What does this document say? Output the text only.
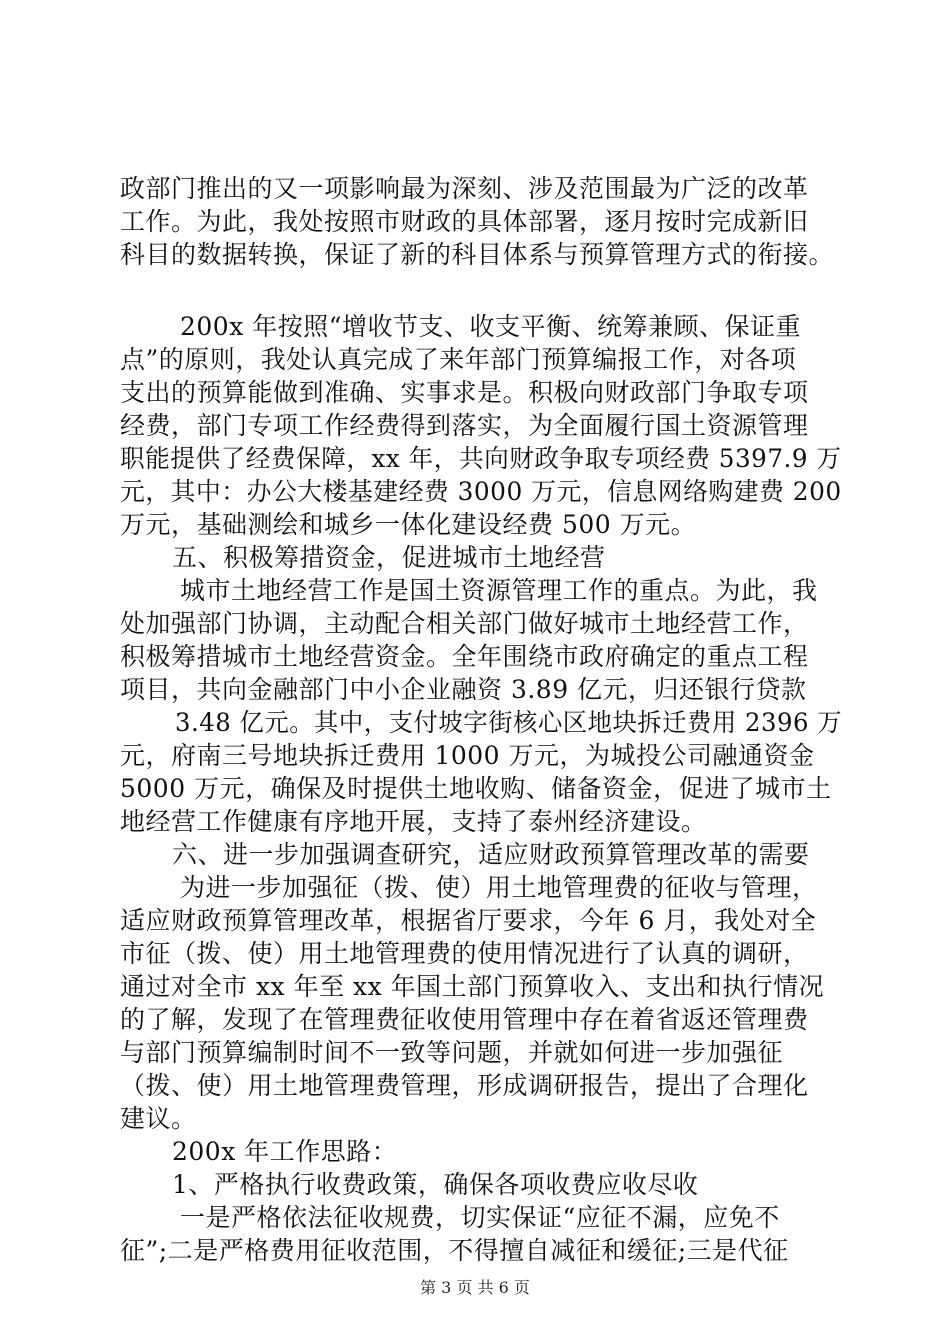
政部门推出的又一项影响最为深刻、涉及范围最为广泛的改革
工作。为此，我处按照市财政的具体部署，逐月按时完成新旧
科目的数据转换，保证了新的科目体系与预算管理方式的衔接。
200x 年按照“增收节支、收支平衡、统筹兼顾、保证重
点”的原则，我处认真完成了来年部门预算编报工作，对各项
支出的预算能做到准确、实事求是。积极向财政部门争取专项
经费，部门专项工作经费得到落实，为全面履行国土资源管理
职能提供了经费保障，xx 年，共向财政争取专项经费 5397.9 万
元，其中：办公大楼基建经费 3000 万元，信息网络购建费 200
万元，基础测绘和城乡一体化建设经费 500 万元。
五、积极筹措资金，促进城市土地经营
城市土地经营工作是国土资源管理工作的重点。为此，我
处加强部门协调，主动配合相关部门做好城市土地经营工作，
积极筹措城市土地经营资金。全年围绕市政府确定的重点工程
项目，共向金融部门中小企业融资 3.89 亿元，归还银行贷款
3.48 亿元。其中，支付坡字街核心区地块拆迁费用 2396 万
元，府南三号地块拆迁费用 1000 万元，为城投公司融通资金
5000 万元，确保及时提供土地收购、储备资金，促进了城市土
地经营工作健康有序地开展，支持了泰州经济建设。
六、进一步加强调查研究，适应财政预算管理改革的需要
为进一步加强征（拨、使）用土地管理费的征收与管理，
适应财政预算管理改革，根据省厅要求，今年 6 月，我处对全
市征（拨、使）用土地管理费的使用情况进行了认真的调研，
通过对全市 xx 年至 xx 年国土部门预算收入、支出和执行情况
的了解，发现了在管理费征收使用管理中存在着省返还管理费
与部门预算编制时间不一致等问题，并就如何进一步加强征
（拨、使）用土地管理费管理，形成调研报告，提出了合理化
建议。
200x 年工作思路：
1、严格执行收费政策，确保各项收费应收尽收
一是严格依法征收规费，切实保证“应征不漏，应免不
征”;二是严格费用征收范围，不得擅自减征和缓征;三是代征
第 3 页 共 6 页
